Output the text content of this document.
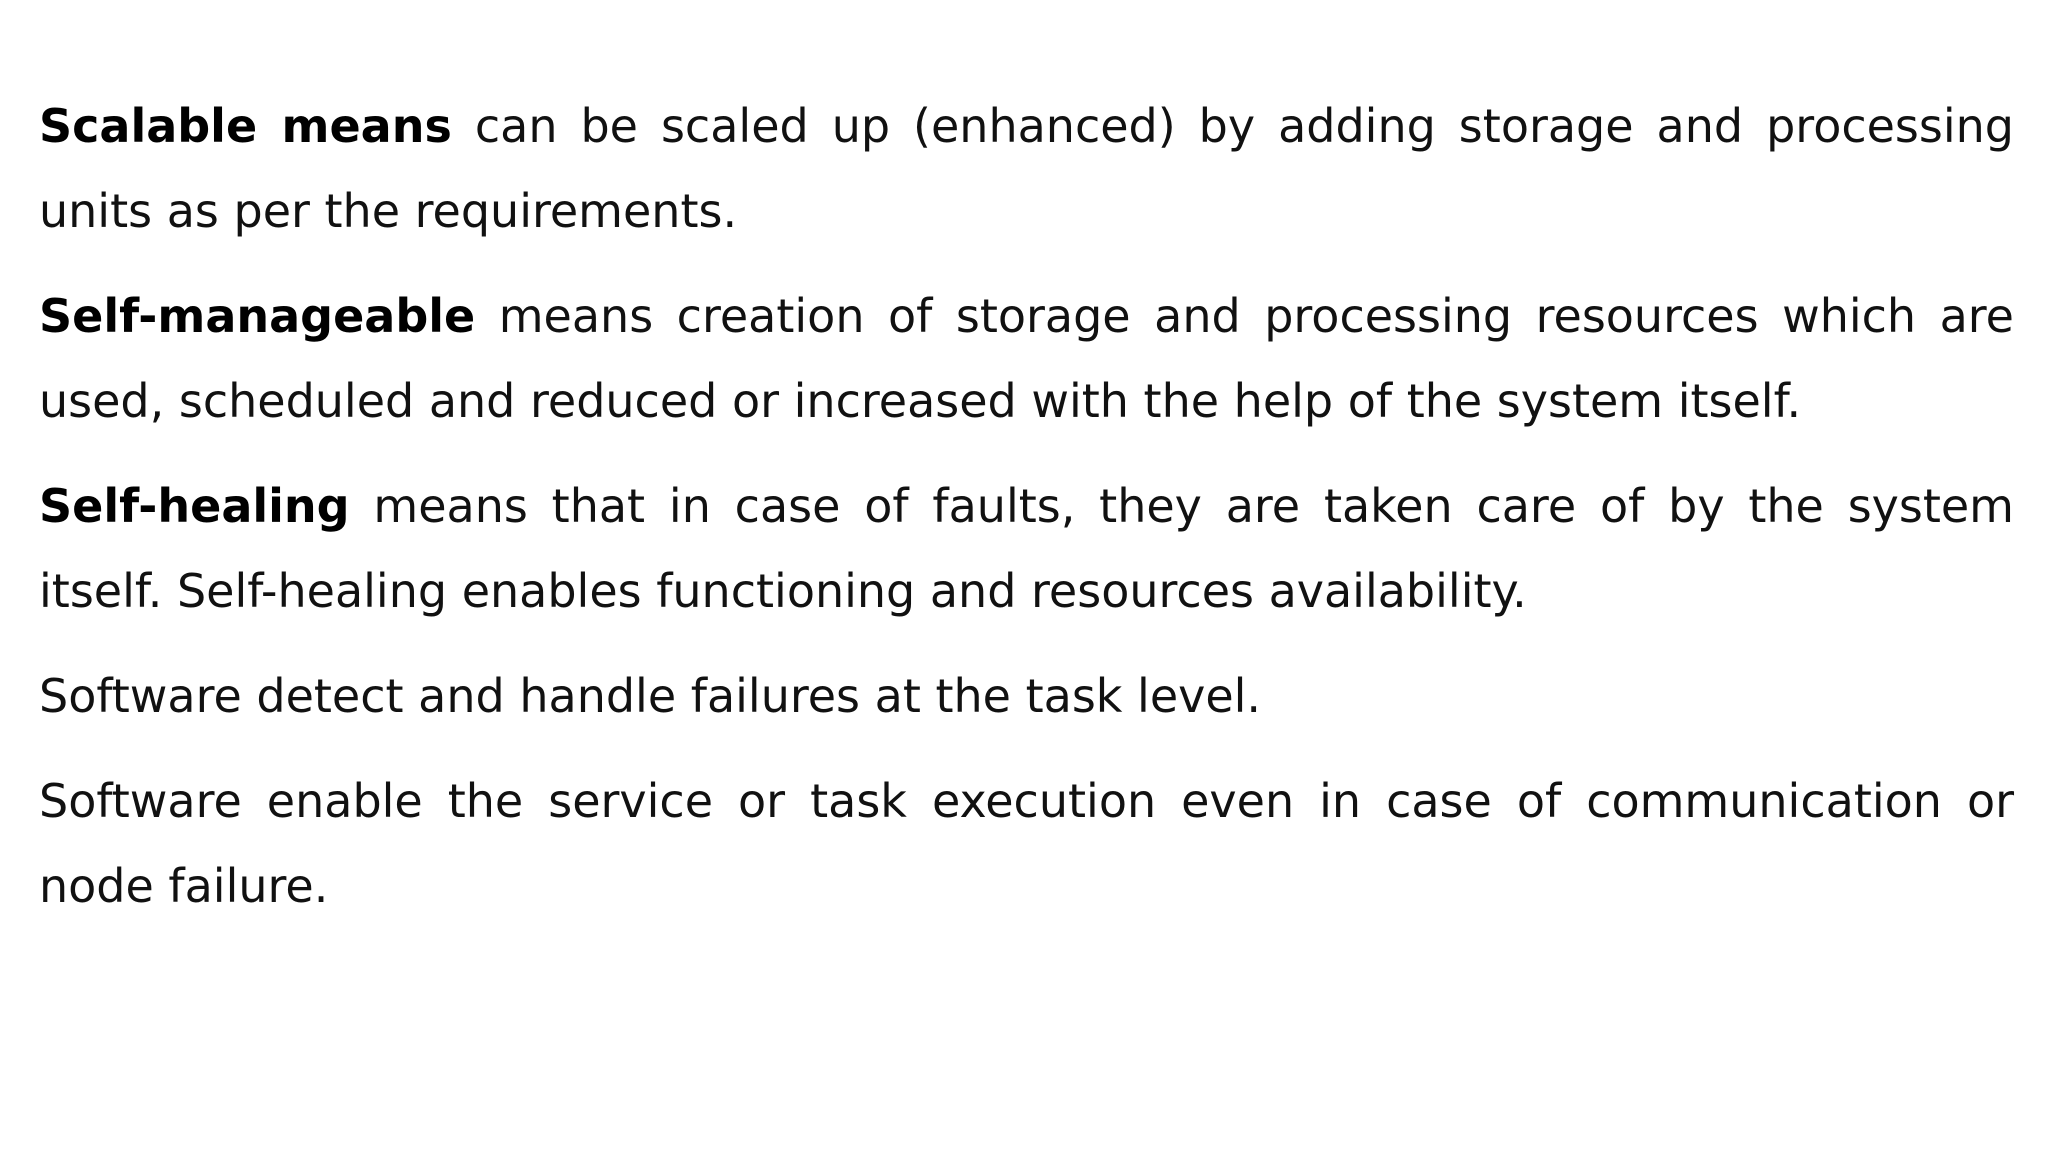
Scalable means can be scaled up (enhanced) by adding storage and processing units as per the requirements.

Self-manageable means creation of storage and processing resources which are used, scheduled and reduced or increased with the help of the system itself.

Self-healing means that in case of faults, they are taken care of by the system itself. Self-healing enables functioning and resources availability.

Software detect and handle failures at the task level.

Software enable the service or task execution even in case of communication or node failure.
